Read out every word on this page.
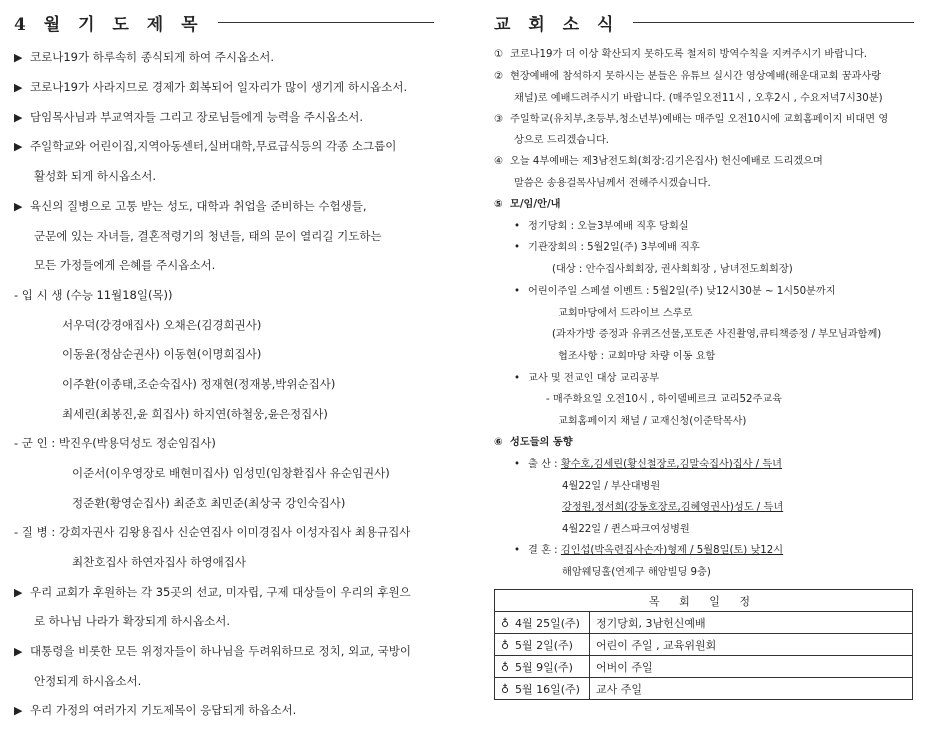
4 월 기 도 제 목
▶ 코로나19가 하루속히 종식되게 하여 주시옵소서.
▶ 코로나19가 사라지므로 경제가 회복되어 일자리가 많이 생기게 하시옵소서.
▶ 담임목사님과 부교역자들 그리고 장로님들에게 능력을 주시옵소서.
▶ 주일학교와 어린이집,지역아동센터,실버대학,무료급식등의 각종 소그룹이
활성화 되게 하시옵소서.
▶ 육신의 질병으로 고통 받는 성도, 대학과 취업을 준비하는 수험생들,
군문에 있는 자녀들, 결혼적령기의 청년들, 태의 문이 열리길 기도하는
모든 가정들에게 은혜를 주시옵소서.
- 입 시 생 (수능 11월18일(목))
서우덕(강경애집사) 오채은(김경희권사)
이동윤(정삼순권사) 이동현(이명희집사)
이주환(이종태,조순숙집사) 정재현(정재봉,박위순집사)
최세린(최봉진,윤 희집사) 하지연(하철웅,윤은정집사)
- 군 인 : 박진우(박용덕성도 정순임집사)
이준서(이우영장로 배현미집사) 임성민(임창환집사 유순임권사)
정준환(황영순집사) 최준호 최민준(최상국 강인숙집사)
- 질 병 : 강희자권사 김왕용집사 신순연집사 이미경집사 이성자집사 최용규집사
최찬호집사 하연자집사 하영애집사
▶ 우리 교회가 후원하는 각 35곳의 선교, 미자립, 구제 대상들이 우리의 후원으
로 하나님 나라가 확장되게 하시옵소서.
▶ 대통령을 비롯한 모든 위정자들이 하나님을 두려워하므로 정치, 외교, 국방이
안정되게 하시옵소서.
▶ 우리 가정의 여러가지 기도제목이 응답되게 하옵소서.
교 회 소 식
① 코로나19가 더 이상 확산되지 못하도록 철저히 방역수칙을 지켜주시기 바랍니다.
② 현장예배에 참석하지 못하시는 분들은 유튜브 실시간 영상예배(해운대교회 꿈과사랑
채널)로 예배드려주시기 바랍니다. (매주일오전11시 , 오후2시 , 수요저녁7시30분)
③ 주일학교(유치부,초등부,청소년부)예배는 매주일 오전10시에 교회홈페이지 비대면 영
상으로 드리겠습니다.
④ 오늘 4부예배는 제3남전도회(회장:김기은집사) 헌신예배로 드리겠으며
말씀은 송용걸목사님께서 전해주시겠습니다.
⑤ 모/임/안/내
• 정기당회 : 오늘3부예배 직후 당회실
• 기관장회의 : 5월2일(주) 3부예배 직후
(대상 : 안수집사회회장, 권사회회장 , 남녀전도회회장)
• 어린이주일 스페셜 이벤트 : 5월2일(주) 낮12시30분 ~ 1시50분까지
교회마당에서 드라이브 스루로
(과자가방 증정과 유퀴즈선물,포토존 사진촬영,큐티책증정 / 부모님과함께)
협조사항 : 교회마당 차량 이동 요함
• 교사 및 전교인 대상 교리공부
- 매주화요일 오전10시 , 하이델베르크 교리52주교육
교회홈페이지 채널 / 교재신청(이준탁목사)
⑥ 성도들의 동향
• 출 산 : 황수호,김세린(황신철장로,김말숙집사)집사 / 득녀
4월22일 / 부산대병원
강정원,정서희(강동호장로,김혜영권사)성도 / 득녀
4월22일 / 퀸스파크여성병원
• 결 혼 : 김인섭(박옥련집사손자)형제 / 5월8일(토) 낮12시
해암웨딩홀(연제구 해암빌딩 9층)
목 회 일 정	
♁ 4월 25일(주)	정기당회, 3남헌신예배
♁ 5월 2일(주)	어린이 주일 , 교육위원회
♁ 5월 9일(주)	어버이 주일
♁ 5월 16일(주)	교사 주일
